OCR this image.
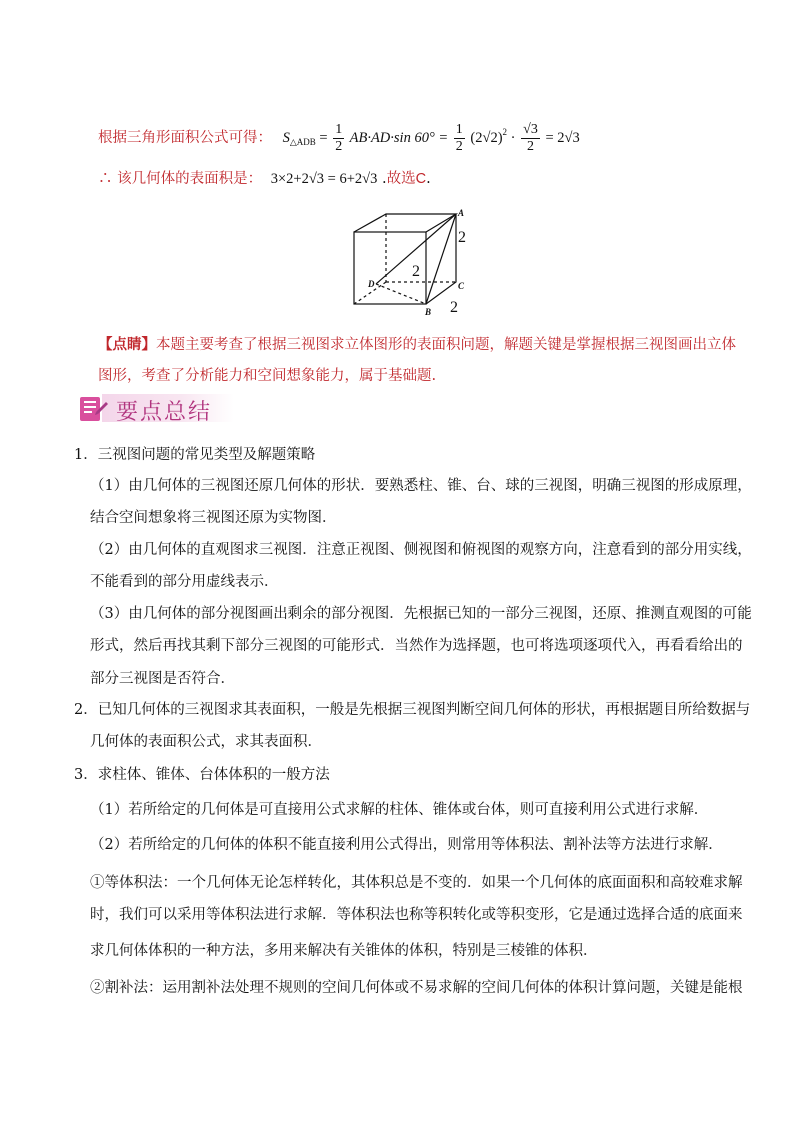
根据三角形面积公式可得： $S_{\triangle ADB} = \frac{1}{2} AB\cdot AD\cdot\sin$ $60^\circ = \frac{1}{2} (2√2)^2 \cdot \frac{√3}{2} = 2√3$
∴ 该几何体的表面积是： 3×2+2√3 = 6+2√3 .故选C.
A
B
C
D
2
2
2
【点睛】本题主要考查了根据三视图求立体图形的表面积问题，解题关键是掌握根据三视图画出立体
图形，考查了分析能力和空间想象能力，属于基础题.
要点总结
1．三视图问题的常见类型及解题策略
（1）由几何体的三视图还原几何体的形状．要熟悉柱、锥、台、球的三视图，明确三视图的形成原理，
结合空间想象将三视图还原为实物图．
（2）由几何体的直观图求三视图．注意正视图、侧视图和俯视图的观察方向，注意看到的部分用实线，
不能看到的部分用虚线表示．
（3）由几何体的部分视图画出剩余的部分视图．先根据已知的一部分三视图，还原、推测直观图的可能
形式，然后再找其剩下部分三视图的可能形式．当然作为选择题，也可将选项逐项代入，再看看给出的
部分三视图是否符合．
2．已知几何体的三视图求其表面积，一般是先根据三视图判断空间几何体的形状，再根据题目所给数据与
几何体的表面积公式，求其表面积．
3．求柱体、锥体、台体体积的一般方法
（1）若所给定的几何体是可直接用公式求解的柱体、锥体或台体，则可直接利用公式进行求解．
（2）若所给定的几何体的体积不能直接利用公式得出，则常用等体积法、割补法等方法进行求解．
①等体积法：一个几何体无论怎样转化，其体积总是不变的．如果一个几何体的底面面积和高较难求解
时，我们可以采用等体积法进行求解．等体积法也称等积转化或等积变形，它是通过选择合适的底面来
求几何体体积的一种方法，多用来解决有关锥体的体积，特别是三棱锥的体积．
②割补法：运用割补法处理不规则的空间几何体或不易求解的空间几何体的体积计算问题，关键是能根
